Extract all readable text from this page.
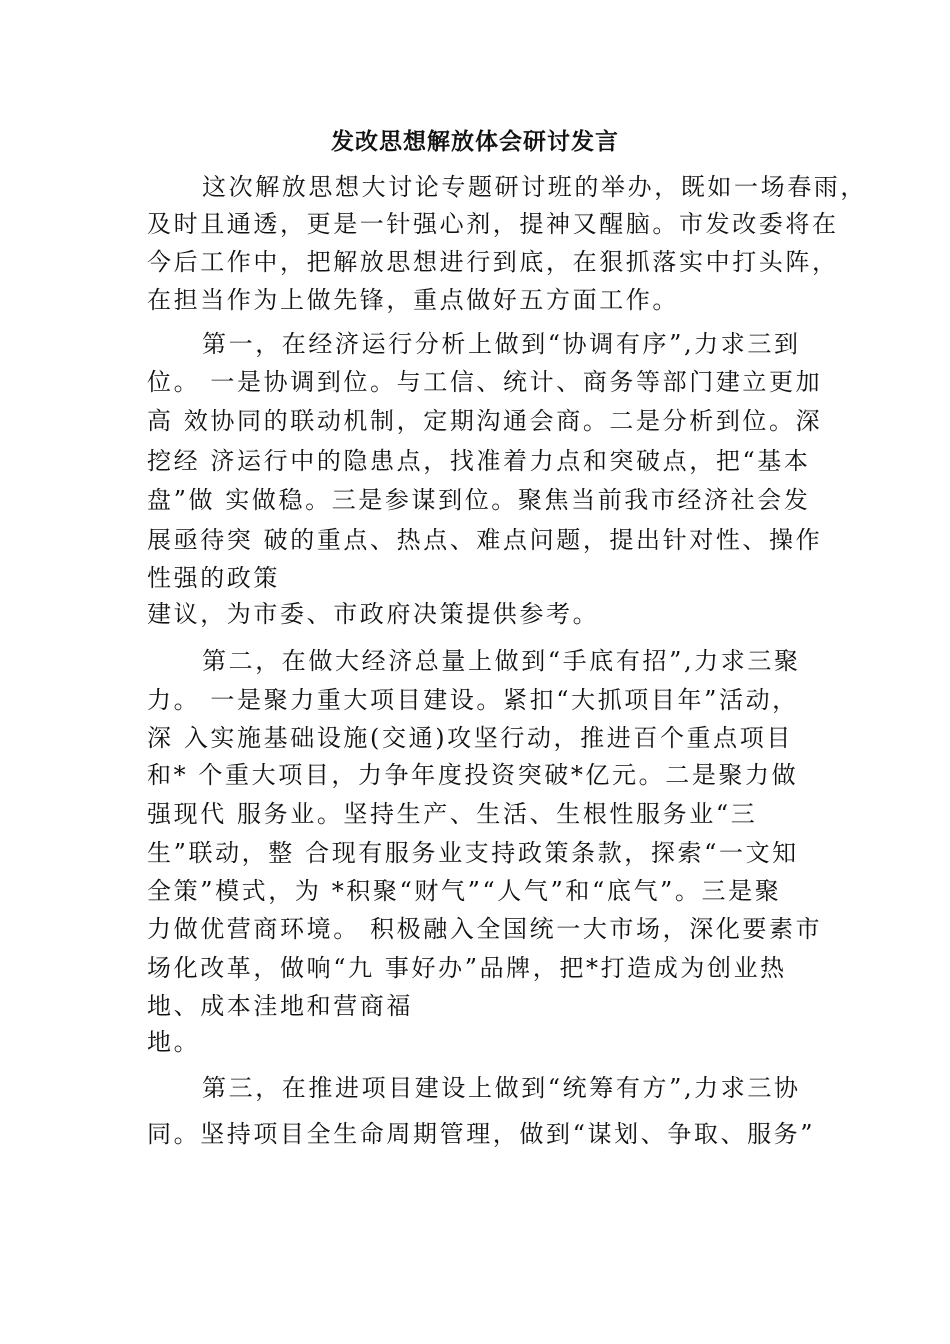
发改思想解放体会研讨发言
这次解放思想大讨论专题研讨班的举办，既如一场春雨，
及时且通透，更是一针强心剂，提神又醒脑。市发改委将在
今后工作中，把解放思想进行到底，在狠抓落实中打头阵，
在担当作为上做先锋，重点做好五方面工作。
第一，在经济运行分析上做到“协调有序”,力求三到
位。 一是协调到位。与工信、统计、商务等部门建立更加
高 效协同的联动机制，定期沟通会商。二是分析到位。深
挖经 济运行中的隐患点，找准着力点和突破点，把“基本
盘”做 实做稳。三是参谋到位。聚焦当前我市经济社会发
展亟待突 破的重点、热点、难点问题，提出针对性、操作
性强的政策
建议，为市委、市政府决策提供参考。
第二，在做大经济总量上做到“手底有招”,力求三聚
力。 一是聚力重大项目建设。紧扣“大抓项目年”活动，
深 入实施基础设施(交通)攻坚行动，推进百个重点项目
和* 个重大项目，力争年度投资突破*亿元。二是聚力做
强现代 服务业。坚持生产、生活、生根性服务业“三
生”联动，整 合现有服务业支持政策条款，探索“一文知
全策”模式，为 *积聚“财气”“人气”和“底气”。三是聚
力做优营商环境。 积极融入全国统一大市场，深化要素市
场化改革，做响“九 事好办”品牌，把*打造成为创业热
地、成本洼地和营商福
地。
第三，在推进项目建设上做到“统筹有方”,力求三协
同。坚持项目全生命周期管理，做到“谋划、争取、服务”
